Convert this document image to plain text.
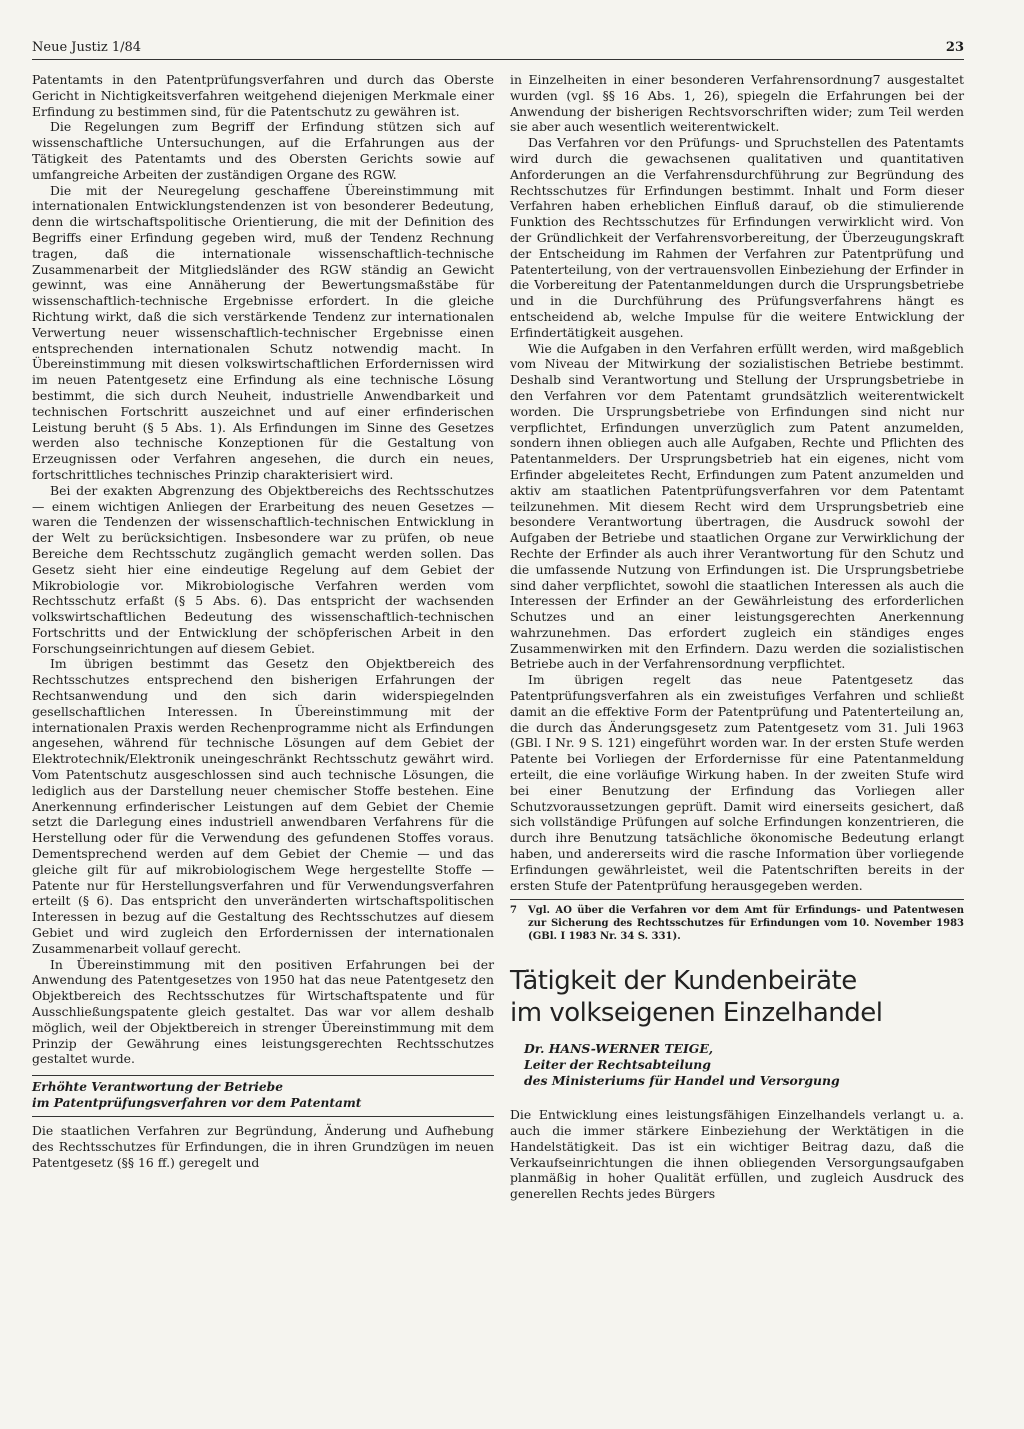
Neue Justiz 1/84	23

Patentamts in den Patentprüfungsverfahren und durch das Oberste Gericht in Nichtigkeitsverfahren weitgehend diejenigen Merkmale einer Erfindung zu bestimmen sind, für die Patentschutz zu gewähren ist.

Die Regelungen zum Begriff der Erfindung stützen sich auf wissenschaftliche Untersuchungen, auf die Erfahrungen aus der Tätigkeit des Patentamts und des Obersten Gerichts sowie auf umfangreiche Arbeiten der zuständigen Organe des RGW.

Die mit der Neuregelung geschaffene Übereinstimmung mit internationalen Entwicklungstendenzen ist von besonderer Bedeutung, denn die wirtschaftspolitische Orientierung, die mit der Definition des Begriffs einer Erfindung gegeben wird, muß der Tendenz Rechnung tragen, daß die internationale wissenschaftlich-technische Zusammenarbeit der Mitgliedsländer des RGW ständig an Gewicht gewinnt, was eine Annäherung der Bewertungsmaßstäbe für wissenschaftlich-technische Ergebnisse erfordert. In die gleiche Richtung wirkt, daß die sich verstärkende Tendenz zur internationalen Verwertung neuer wissenschaftlich-technischer Ergebnisse einen entsprechenden internationalen Schutz notwendig macht. In Übereinstimmung mit diesen volkswirtschaftlichen Erfordernissen wird im neuen Patentgesetz eine Erfindung als eine technische Lösung bestimmt, die sich durch Neuheit, industrielle Anwendbarkeit und technischen Fortschritt auszeichnet und auf einer erfinderischen Leistung beruht (§ 5 Abs. 1). Als Erfindungen im Sinne des Gesetzes werden also technische Konzeptionen für die Gestaltung von Erzeugnissen oder Verfahren angesehen, die durch ein neues, fortschrittliches technisches Prinzip charakterisiert wird.

Bei der exakten Abgrenzung des Objektbereichs des Rechtsschutzes — einem wichtigen Anliegen der Erarbeitung des neuen Gesetzes — waren die Tendenzen der wissenschaftlich-technischen Entwicklung in der Welt zu berücksichtigen. Insbesondere war zu prüfen, ob neue Bereiche dem Rechtsschutz zugänglich gemacht werden sollen. Das Gesetz sieht hier eine eindeutige Regelung auf dem Gebiet der Mikrobiologie vor. Mikrobiologische Verfahren werden vom Rechtsschutz erfaßt (§ 5 Abs. 6). Das entspricht der wachsenden volkswirtschaftlichen Bedeutung des wissenschaftlich-technischen Fortschritts und der Entwicklung der schöpferischen Arbeit in den Forschungseinrichtungen auf diesem Gebiet.

Im übrigen bestimmt das Gesetz den Objektbereich des Rechtsschutzes entsprechend den bisherigen Erfahrungen der Rechtsanwendung und den sich darin widerspiegelnden gesellschaftlichen Interessen. In Übereinstimmung mit der internationalen Praxis werden Rechenprogramme nicht als Erfindungen angesehen, während für technische Lösungen auf dem Gebiet der Elektrotechnik/Elektronik uneingeschränkt Rechtsschutz gewährt wird. Vom Patentschutz ausgeschlossen sind auch technische Lösungen, die lediglich aus der Darstellung neuer chemischer Stoffe bestehen. Eine Anerkennung erfinderischer Leistungen auf dem Gebiet der Chemie setzt die Darlegung eines industriell anwendbaren Verfahrens für die Herstellung oder für die Verwendung des gefundenen Stoffes voraus. Dementsprechend werden auf dem Gebiet der Chemie — und das gleiche gilt für auf mikrobiologischem Wege hergestellte Stoffe — Patente nur für Herstellungsverfahren und für Verwendungsverfahren erteilt (§ 6). Das entspricht den unveränderten wirtschaftspolitischen Interessen in bezug auf die Gestaltung des Rechtsschutzes auf diesem Gebiet und wird zugleich den Erfordernissen der internationalen Zusammenarbeit vollauf gerecht.

In Übereinstimmung mit den positiven Erfahrungen bei der Anwendung des Patentgesetzes von 1950 hat das neue Patentgesetz den Objektbereich des Rechtsschutzes für Wirtschaftspatente und für Ausschließungspatente gleich gestaltet. Das war vor allem deshalb möglich, weil der Objektbereich in strenger Übereinstimmung mit dem Prinzip der Gewährung eines leistungsgerechten Rechtsschutzes gestaltet wurde.

Erhöhte Verantwortung der Betriebe
im Patentprüfungsverfahren vor dem Patentamt

Die staatlichen Verfahren zur Begründung, Änderung und Aufhebung des Rechtsschutzes für Erfindungen, die in ihren Grundzügen im neuen Patentgesetz (§§ 16 ff.) geregelt und

in Einzelheiten in einer besonderen Verfahrensordnung7 ausgestaltet wurden (vgl. §§ 16 Abs. 1, 26), spiegeln die Erfahrungen bei der Anwendung der bisherigen Rechtsvorschriften wider; zum Teil werden sie aber auch wesentlich weiterentwickelt.

Das Verfahren vor den Prüfungs- und Spruchstellen des Patentamts wird durch die gewachsenen qualitativen und quantitativen Anforderungen an die Verfahrensdurchführung zur Begründung des Rechtsschutzes für Erfindungen bestimmt. Inhalt und Form dieser Verfahren haben erheblichen Einfluß darauf, ob die stimulierende Funktion des Rechtsschutzes für Erfindungen verwirklicht wird. Von der Gründlichkeit der Verfahrensvorbereitung, der Überzeugungskraft der Entscheidung im Rahmen der Verfahren zur Patentprüfung und Patenterteilung, von der vertrauensvollen Einbeziehung der Erfinder in die Vorbereitung der Patentanmeldungen durch die Ursprungsbetriebe und in die Durchführung des Prüfungsverfahrens hängt es entscheidend ab, welche Impulse für die weitere Entwicklung der Erfindertätigkeit ausgehen.

Wie die Aufgaben in den Verfahren erfüllt werden, wird maßgeblich vom Niveau der Mitwirkung der sozialistischen Betriebe bestimmt. Deshalb sind Verantwortung und Stellung der Ursprungsbetriebe in den Verfahren vor dem Patentamt grundsätzlich weiterentwickelt worden. Die Ursprungsbetriebe von Erfindungen sind nicht nur verpflichtet, Erfindungen unverzüglich zum Patent anzumelden, sondern ihnen obliegen auch alle Aufgaben, Rechte und Pflichten des Patentanmelders. Der Ursprungsbetrieb hat ein eigenes, nicht vom Erfinder abgeleitetes Recht, Erfindungen zum Patent anzumelden und aktiv am staatlichen Patentprüfungsverfahren vor dem Patentamt teilzunehmen. Mit diesem Recht wird dem Ursprungsbetrieb eine besondere Verantwortung übertragen, die Ausdruck sowohl der Aufgaben der Betriebe und staatlichen Organe zur Verwirklichung der Rechte der Erfinder als auch ihrer Verantwortung für den Schutz und die umfassende Nutzung von Erfindungen ist. Die Ursprungsbetriebe sind daher verpflichtet, sowohl die staatlichen Interessen als auch die Interessen der Erfinder an der Gewährleistung des erforderlichen Schutzes und an einer leistungsgerechten Anerkennung wahrzunehmen. Das erfordert zugleich ein ständiges enges Zusammenwirken mit den Erfindern. Dazu werden die sozialistischen Betriebe auch in der Verfahrensordnung verpflichtet.

Im übrigen regelt das neue Patentgesetz das Patentprüfungsverfahren als ein zweistufiges Verfahren und schließt damit an die effektive Form der Patentprüfung und Patenterteilung an, die durch das Änderungsgesetz zum Patentgesetz vom 31. Juli 1963 (GBl. I Nr. 9 S. 121) eingeführt worden war. In der ersten Stufe werden Patente bei Vorliegen der Erfordernisse für eine Patentanmeldung erteilt, die eine vorläufige Wirkung haben. In der zweiten Stufe wird bei einer Benutzung der Erfindung das Vorliegen aller Schutzvoraussetzungen geprüft. Damit wird einerseits gesichert, daß sich vollständige Prüfungen auf solche Erfindungen konzentrieren, die durch ihre Benutzung tatsächliche ökonomische Bedeutung erlangt haben, und andererseits wird die rasche Information über vorliegende Erfindungen gewährleistet, weil die Patentschriften bereits in der ersten Stufe der Patentprüfung herausgegeben werden.

7	Vgl. AO über die Verfahren vor dem Amt für Erfindungs- und Patentwesen zur Sicherung des Rechtsschutzes für Erfindungen vom 10. November 1983 (GBl. I 1983 Nr. 34 S. 331).
Tätigkeit der Kundenbeiräte
im volkseigenen Einzelhandel
Dr. HANS-WERNER TEIGE,
Leiter der Rechtsabteilung
des Ministeriums für Handel und Versorgung

Die Entwicklung eines leistungsfähigen Einzelhandels verlangt u. a. auch die immer stärkere Einbeziehung der Werktätigen in die Handelstätigkeit. Das ist ein wichtiger Beitrag dazu, daß die Verkaufseinrichtungen die ihnen obliegenden Versorgungsaufgaben planmäßig in hoher Qualität erfüllen, und zugleich Ausdruck des generellen Rechts jedes Bürgers
